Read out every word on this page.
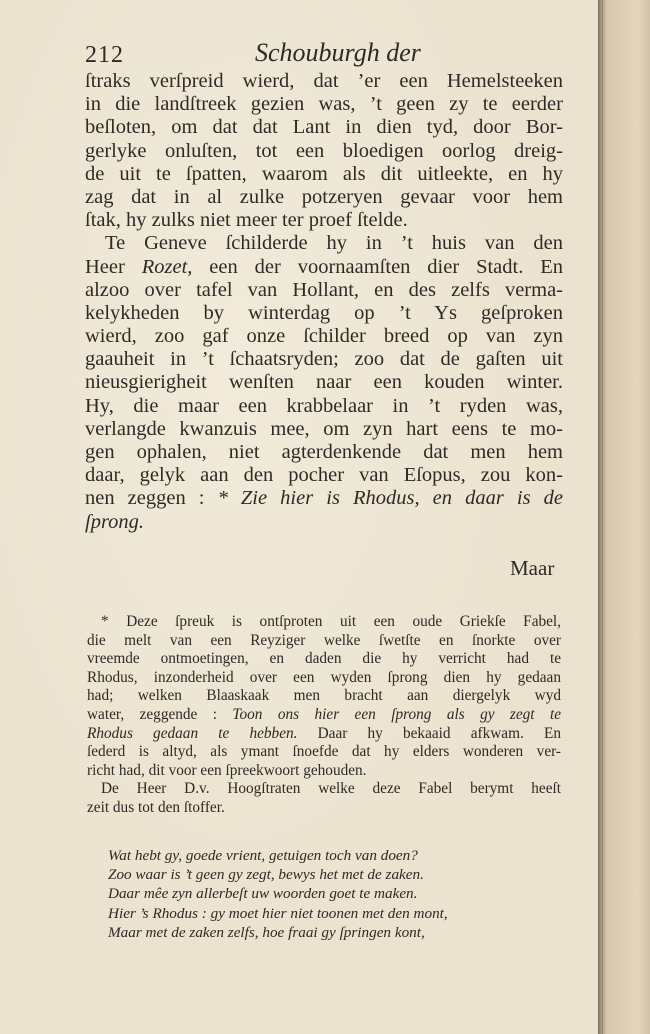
212	Schouburgh der
ſtraks verſpreid wierd, dat ’er een Hemelsteeken
in die landſtreek gezien was, ’t geen zy te eerder
beſloten, om dat dat Lant in dien tyd, door Bor-
gerlyke onluſten, tot een bloedigen oorlog dreig-
de uit te ſpatten, waarom als dit uitleekte, en hy
zag dat in al zulke potzeryen gevaar voor hem
ſtak, hy zulks niet meer ter proef ſtelde.
Te Geneve ſchilderde hy in ’t huis van den
Heer Rozet, een der voornaamſten dier Stadt. En
alzoo over tafel van Hollant, en des zelfs verma-
kelykheden by winterdag op ’t Ys geſproken
wierd, zoo gaf onze ſchilder breed op van zyn
gaauheit in ’t ſchaatsryden; zoo dat de gaſten uit
nieusgierigheit wenſten naar een kouden winter.
Hy, die maar een krabbelaar in ’t ryden was,
verlangde kwanzuis mee, om zyn hart eens te mo-
gen ophalen, niet agterdenkende dat men hem
daar, gelyk aan den pocher van Eſopus, zou kon-
nen zeggen : * Zie hier is Rhodus, en daar is de
ſprong.
Maar
* Deze ſpreuk is ontſproten uit een oude Griekſe Fabel,
die melt van een Reyziger welke ſwetſte en ſnorkte over
vreemde ontmoetingen, en daden die hy verricht had te
Rhodus, inzonderheid over een wyden ſprong dien hy gedaan
had; welken Blaaskaak men bracht aan diergelyk wyd
water, zeggende : Toon ons hier een ſprong als gy zegt te
Rhodus gedaan te hebben. Daar hy bekaaid afkwam. En
ſederd is altyd, als ymant ſnoefde dat hy elders wonderen ver-
richt had, dit voor een ſpreekwoort gehouden.
De Heer D.v. Hoogſtraten welke deze Fabel berymt heeſt
zeit dus tot den ſtoffer.
Wat hebt gy, goede vrient, getuigen toch van doen?
Zoo waar is ’t geen gy zegt, bewys het met de zaken.
Daar mêe zyn allerbeſt uw woorden goet te maken.
Hier ’s Rhodus : gy moet hier niet toonen met den mont,
Maar met de zaken zelfs, hoe fraai gy ſpringen kont,
